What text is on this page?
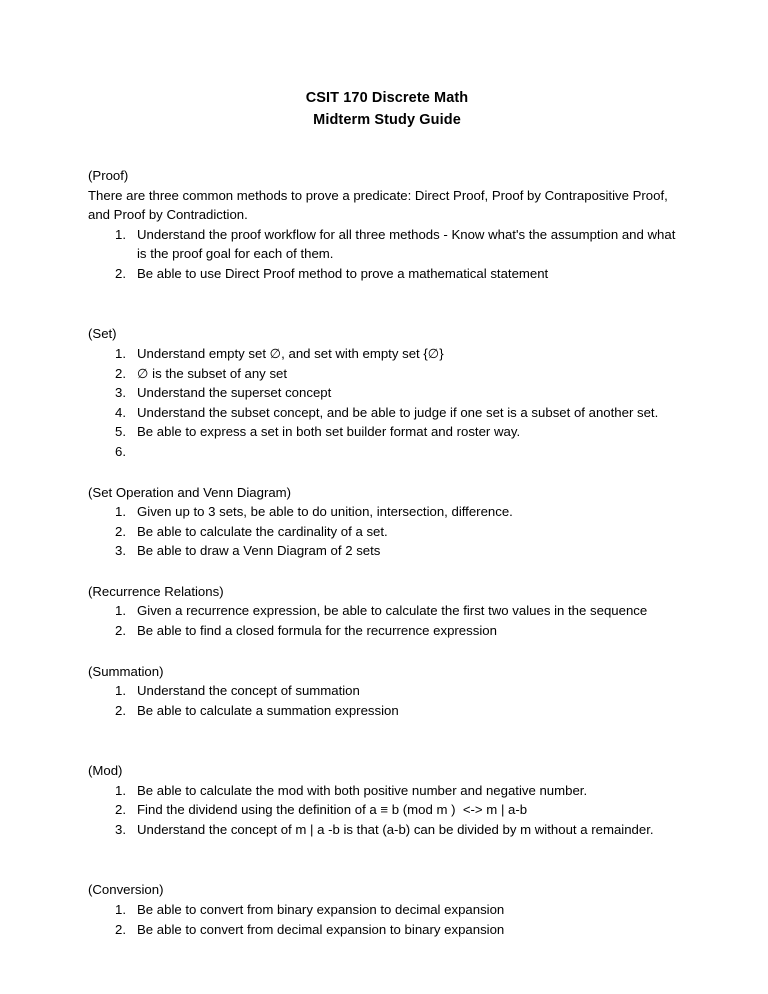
CSIT 170 Discrete Math
Midterm Study Guide
(Proof)
There are three common methods to prove a predicate: Direct Proof, Proof by Contrapositive Proof, and Proof by Contradiction.
1. Understand the proof workflow for all three methods - Know what's the assumption and what is the proof goal for each of them.
2. Be able to use Direct Proof method to prove a mathematical statement
(Set)
1. Understand empty set ∅, and set with empty set {∅}
2. ∅ is the subset of any set
3. Understand the superset concept
4. Understand the subset concept, and be able to judge if one set is a subset of another set.
5. Be able to express a set in both set builder format and roster way.
6.
(Set Operation and Venn Diagram)
1. Given up to 3 sets, be able to do unition, intersection, difference.
2. Be able to calculate the cardinality of a set.
3. Be able to draw a Venn Diagram of 2 sets
(Recurrence Relations)
1. Given a recurrence expression, be able to calculate the first two values in the sequence
2. Be able to find a closed formula for the recurrence expression
(Summation)
1. Understand the concept of summation
2. Be able to calculate a summation expression
(Mod)
1. Be able to calculate the mod with both positive number and negative number.
2. Find the dividend using the definition of a ≡ b (mod m )  <-> m | a-b
3. Understand the concept of m | a -b is that (a-b) can be divided by m without a remainder.
(Conversion)
1. Be able to convert from binary expansion to decimal expansion
2. Be able to convert from decimal expansion to binary expansion
